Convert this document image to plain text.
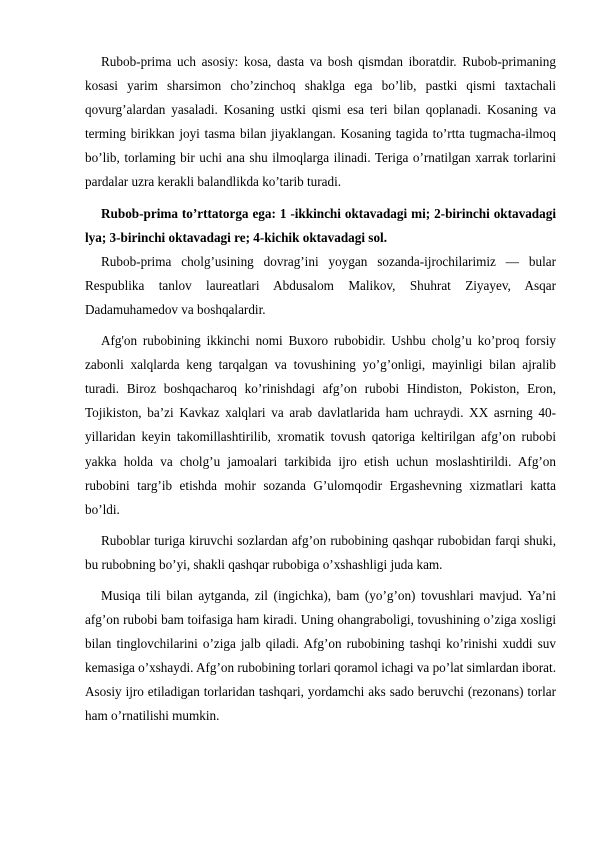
Rubob-prima uch asosiy: kosa, dasta va bosh qismdan iboratdir. Rubob-primaning kosasi yarim sharsimon cho’zinchoq shaklga ega bo’lib, pastki qismi taxtachali qovurg’alardan yasaladi. Kosaning ustki qismi esa teri bilan qoplanadi. Kosaning va terming birikkan joyi tasma bilan jiyaklangan. Kosaning tagida to’rtta tugmacha-ilmoq bo’lib, torlaming bir uchi ana shu ilmoqlarga ilinadi. Teriga o’rnatilgan xarrak torlarini pardalar uzra kerakli balandlikda ko’tarib turadi.

Rubob-prima to’rttatorga ega: 1 -ikkinchi oktavadagi mi; 2-birinchi oktavadagi lya; 3-birinchi oktavadagi re; 4-kichik oktavadagi sol.

Rubob-prima cholg’usining dovrag’ini yoygan sozanda-ijrochilarimiz — bular Respublika tanlov laureatlari Abdusalom Malikov, Shuhrat Ziyayev, Asqar Dadamuhamedov va boshqalardir.

Afg'on rubobining ikkinchi nomi Buxoro rubobidir. Ushbu cholg’u ko’proq forsiy zabonli xalqlarda keng tarqalgan va tovushining yo’g’onligi, mayinligi bilan ajralib turadi. Biroz boshqacharoq ko’rinishdagi afg’on rubobi Hindiston, Pokiston, Eron, Tojikiston, ba’zi Kavkaz xalqlari va arab davlatlarida ham uchraydi. XX asrning 40-yillaridan keyin takomillashtirilib, xromatik tovush qatoriga keltirilgan afg’on rubobi yakka holda va cholg’u jamoalari tarkibida ijro etish uchun moslashtirildi. Afg’on rubobini targ’ib etishda mohir sozanda G’ulomqodir Ergashevning xizmatlari katta bo’ldi.

Ruboblar turiga kiruvchi sozlardan afg’on rubobining qashqar rubobidan farqi shuki, bu rubobning bo’yi, shakli qashqar rubobiga o’xshashligi juda kam.

Musiqa tili bilan aytganda, zil (ingichka), bam (yo’g’on) tovushlari mavjud. Ya’ni afg’on rubobi bam toifasiga ham kiradi. Uning ohangraboligi, tovushining o’ziga xosligi bilan tinglovchilarini o’ziga jalb qiladi. Afg’on rubobining tashqi ko’rinishi xuddi suv kemasiga o’xshaydi. Afg’on rubobining torlari qoramol ichagi va po’lat simlardan iborat. Asosiy ijro etiladigan torlaridan tashqari, yordamchi aks sado beruvchi (rezonans) torlar ham o’rnatilishi mumkin.
